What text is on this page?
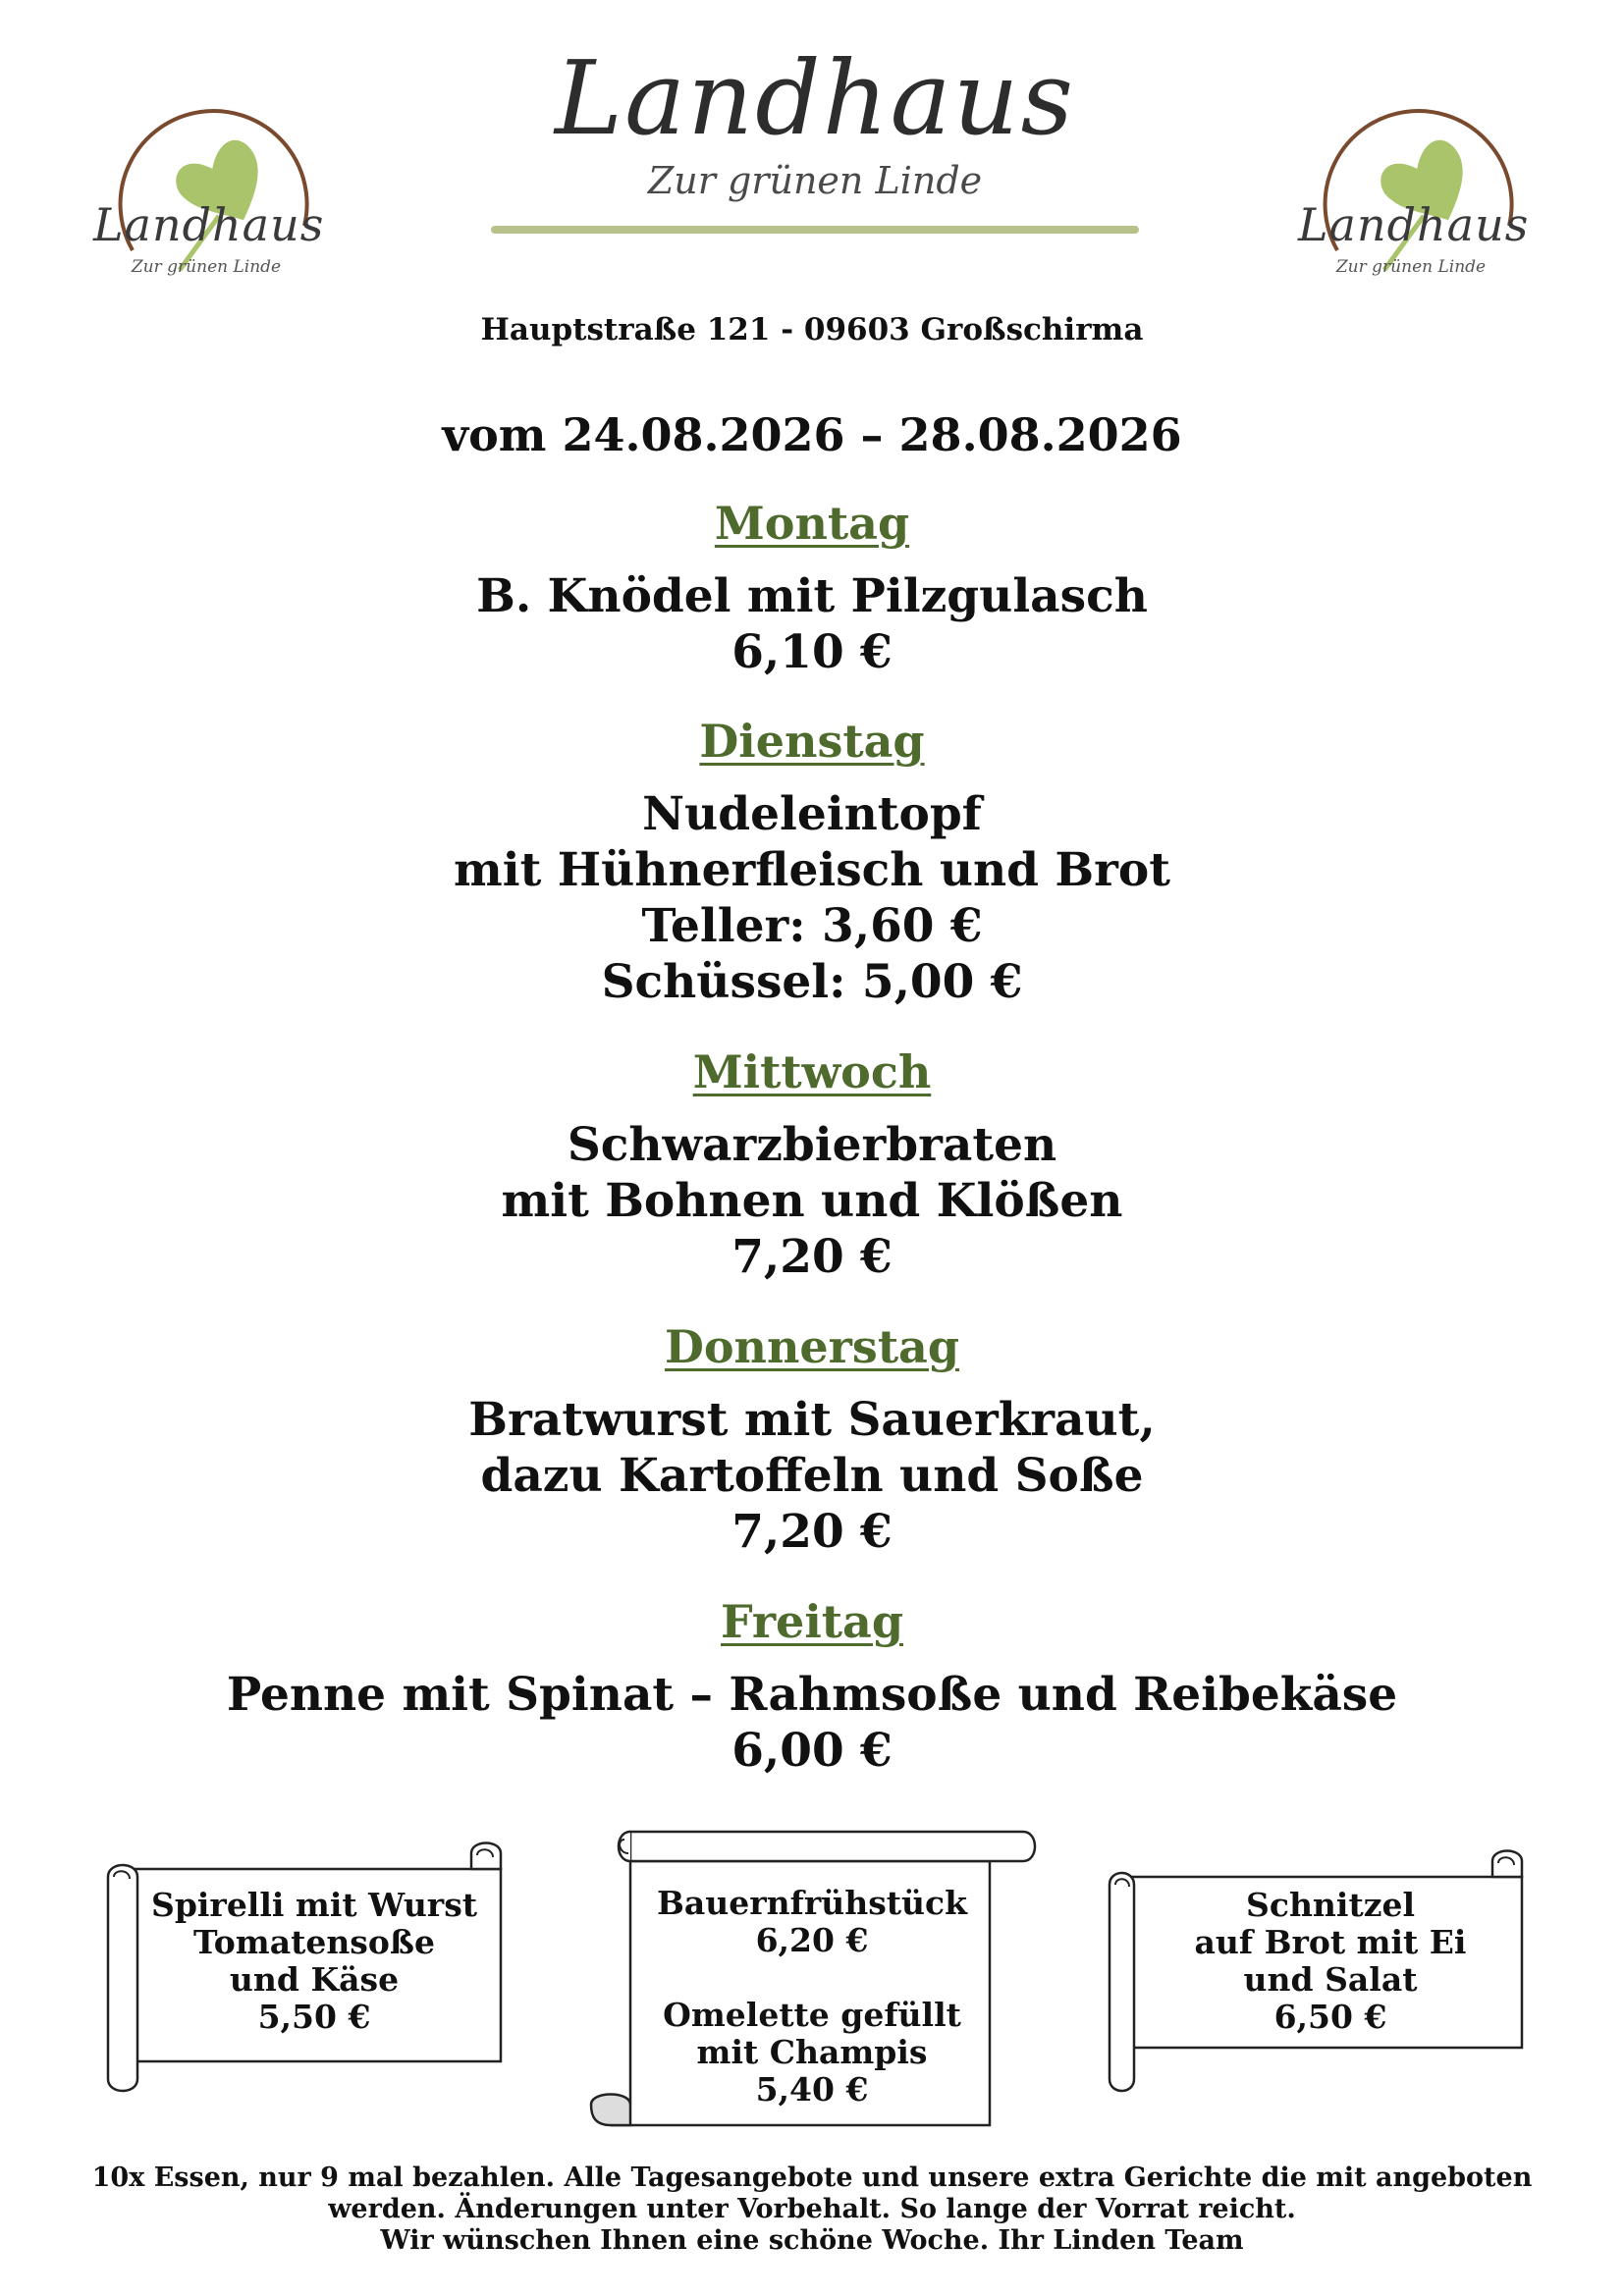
Landhaus
Zur grünen Linde
Landhaus
Zur grünen Linde
Landhaus
Zur grünen Linde
Hauptstraße 121 - 09603 Großschirma
vom 24.08.2026 – 28.08.2026
Montag
B. Knödel mit Pilzgulasch
6,10 €
Dienstag
Nudeleintopf
mit Hühnerfleisch und Brot
Teller: 3,60 €
Schüssel: 5,00 €
Mittwoch
Schwarzbierbraten
mit Bohnen und Klößen
7,20 €
Donnerstag
Bratwurst mit Sauerkraut,
dazu Kartoffeln und Soße
7,20 €
Freitag
Penne mit Spinat – Rahmsoße und Reibekäse
6,00 €
Spirelli mit Wurst
Tomatensoße
und Käse
5,50 €
Bauernfrühstück
6,20 €
Omelette gefüllt
mit Champis
5,40 €
Schnitzel
auf Brot mit Ei
und Salat
6,50 €
10x Essen, nur 9 mal bezahlen. Alle Tagesangebote und unsere extra Gerichte die mit angeboten
werden. Änderungen unter Vorbehalt. So lange der Vorrat reicht.
Wir wünschen Ihnen eine schöne Woche. Ihr Linden Team
